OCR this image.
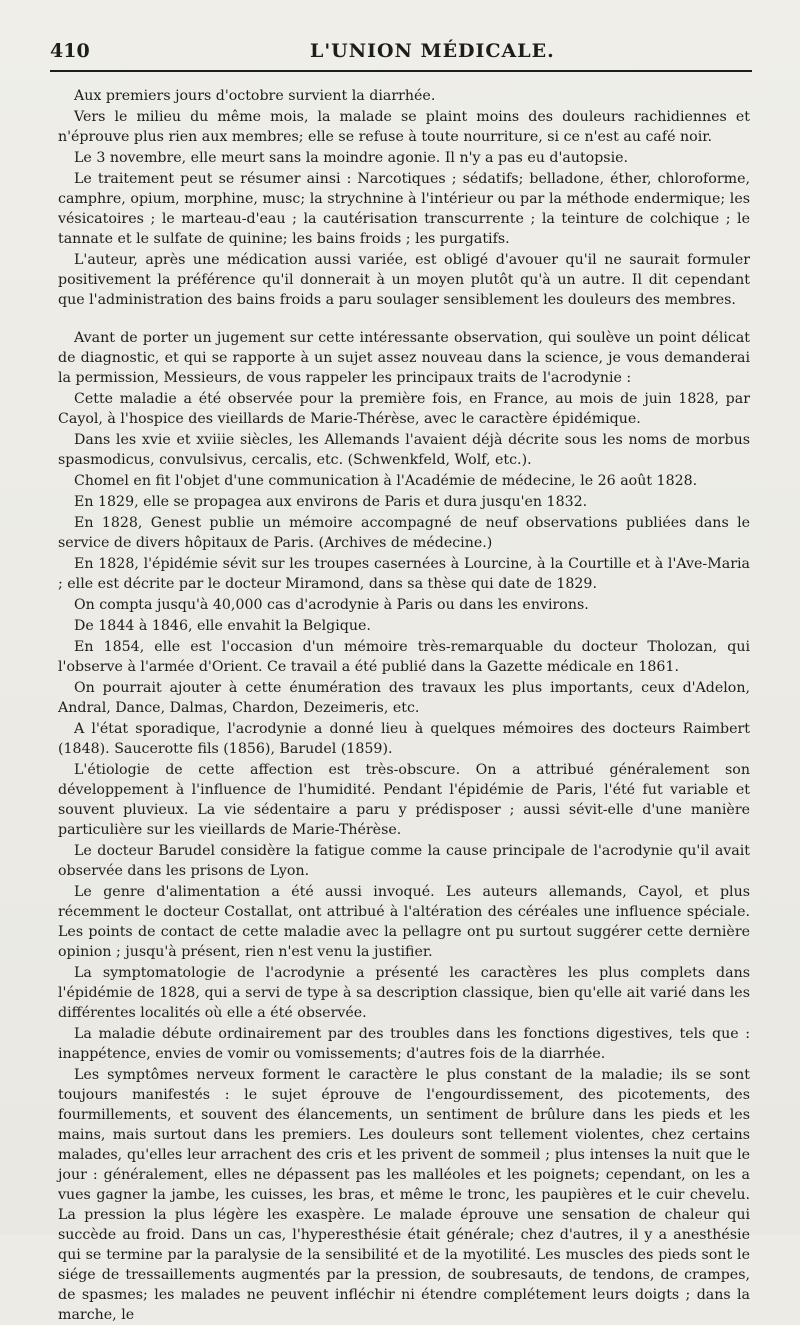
410	L'UNION MÉDICALE.

Aux premiers jours d'octobre survient la diarrhée.

Vers le milieu du même mois, la malade se plaint moins des douleurs rachidiennes et n'éprouve plus rien aux membres; elle se refuse à toute nourriture, si ce n'est au café noir.

Le 3 novembre, elle meurt sans la moindre agonie. Il n'y a pas eu d'autopsie.

Le traitement peut se résumer ainsi : Narcotiques ; sédatifs; belladone, éther, chloroforme, camphre, opium, morphine, musc; la strychnine à l'intérieur ou par la méthode endermique; les vésicatoires ; le marteau-d'eau ; la cautérisation transcurrente ; la teinture de colchique ; le tannate et le sulfate de quinine; les bains froids ; les purgatifs.

L'auteur, après une médication aussi variée, est obligé d'avouer qu'il ne saurait formuler positivement la préférence qu'il donnerait à un moyen plutôt qu'à un autre. Il dit cependant que l'administration des bains froids a paru soulager sensiblement les douleurs des membres.

Avant de porter un jugement sur cette intéressante observation, qui soulève un point délicat de diagnostic, et qui se rapporte à un sujet assez nouveau dans la science, je vous demanderai la permission, Messieurs, de vous rappeler les principaux traits de l'acrodynie :

Cette maladie a été observée pour la première fois, en France, au mois de juin 1828, par Cayol, à l'hospice des vieillards de Marie-Thérèse, avec le caractère épidémique.

Dans les xvie et xviiie siècles, les Allemands l'avaient déjà décrite sous les noms de morbus spasmodicus, convulsivus, cercalis, etc. (Schwenkfeld, Wolf, etc.).

Chomel en fit l'objet d'une communication à l'Académie de médecine, le 26 août 1828.

En 1829, elle se propagea aux environs de Paris et dura jusqu'en 1832.

En 1828, Genest publie un mémoire accompagné de neuf observations publiées dans le service de divers hôpitaux de Paris. (Archives de médecine.)

En 1828, l'épidémie sévit sur les troupes casernées à Lourcine, à la Courtille et à l'Ave-Maria ; elle est décrite par le docteur Miramond, dans sa thèse qui date de 1829.

On compta jusqu'à 40,000 cas d'acrodynie à Paris ou dans les environs.

De 1844 à 1846, elle envahit la Belgique.

En 1854, elle est l'occasion d'un mémoire très-remarquable du docteur Tholozan, qui l'observe à l'armée d'Orient. Ce travail a été publié dans la Gazette médicale en 1861.

On pourrait ajouter à cette énumération des travaux les plus importants, ceux d'Adelon, Andral, Dance, Dalmas, Chardon, Dezeimeris, etc.

A l'état sporadique, l'acrodynie a donné lieu à quelques mémoires des docteurs Raimbert (1848). Saucerotte fils (1856), Barudel (1859).

L'étiologie de cette affection est très-obscure. On a attribué généralement son développement à l'influence de l'humidité. Pendant l'épidémie de Paris, l'été fut variable et souvent pluvieux. La vie sédentaire a paru y prédisposer ; aussi sévit-elle d'une manière particulière sur les vieillards de Marie-Thérèse.

Le docteur Barudel considère la fatigue comme la cause principale de l'acrodynie qu'il avait observée dans les prisons de Lyon.

Le genre d'alimentation a été aussi invoqué. Les auteurs allemands, Cayol, et plus récemment le docteur Costallat, ont attribué à l'altération des céréales une influence spéciale. Les points de contact de cette maladie avec la pellagre ont pu surtout suggérer cette dernière opinion ; jusqu'à présent, rien n'est venu la justifier.

La symptomatologie de l'acrodynie a présenté les caractères les plus complets dans l'épidémie de 1828, qui a servi de type à sa description classique, bien qu'elle ait varié dans les différentes localités où elle a été observée.

La maladie débute ordinairement par des troubles dans les fonctions digestives, tels que : inappétence, envies de vomir ou vomissements; d'autres fois de la diarrhée.

Les symptômes nerveux forment le caractère le plus constant de la maladie; ils se sont toujours manifestés : le sujet éprouve de l'engourdissement, des picotements, des fourmillements, et souvent des élancements, un sentiment de brûlure dans les pieds et les mains, mais surtout dans les premiers. Les douleurs sont tellement violentes, chez certains malades, qu'elles leur arrachent des cris et les privent de sommeil ; plus intenses la nuit que le jour : généralement, elles ne dépassent pas les malléoles et les poignets; cependant, on les a vues gagner la jambe, les cuisses, les bras, et même le tronc, les paupières et le cuir chevelu. La pression la plus légère les exaspère. Le malade éprouve une sensation de chaleur qui succède au froid. Dans un cas, l'hyperesthésie était générale; chez d'autres, il y a anesthésie qui se termine par la paralysie de la sensibilité et de la myotilité. Les muscles des pieds sont le siége de tressaillements augmentés par la pression, de soubresauts, de tendons, de crampes, de spasmes; les malades ne peuvent infléchir ni étendre complétement leurs doigts ; dans la marche, le
